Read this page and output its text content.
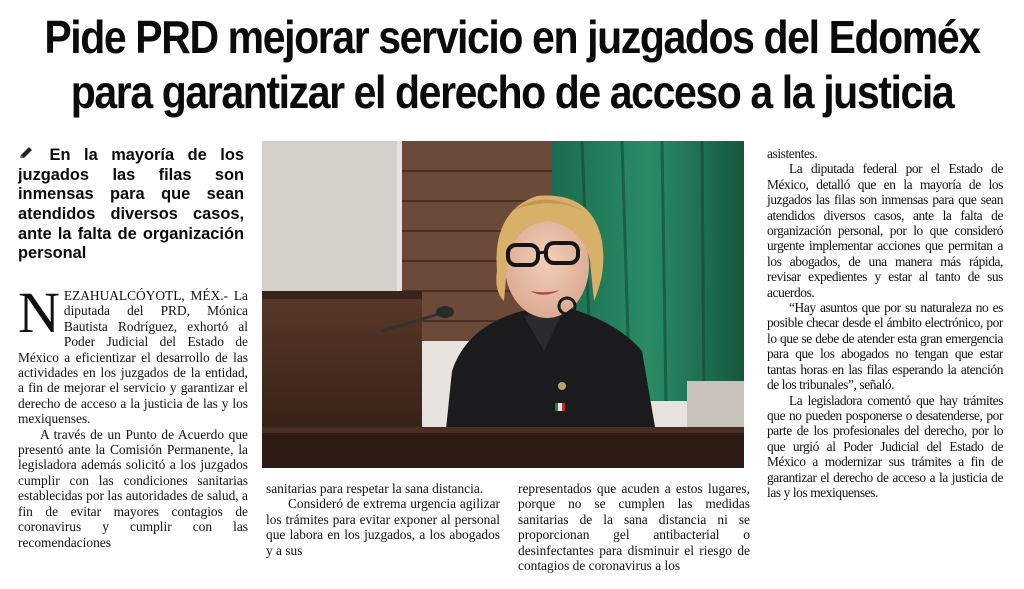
Pide PRD mejorar servicio en juzgados del Edoméx
para garantizar el derecho de acceso a la justicia
En la mayoría de los juzgados las filas son inmensas para que sean atendidos diversos casos, ante la falta de organización personal

NEZAHUALCÓYOTL, MÉX.- La diputada del PRD, Mónica Bautista Rodríguez, exhortó al Poder Judicial del Estado de México a eficientizar el desarrollo de las actividades en los juzgados de la entidad, a fin de mejorar el servicio y garantizar el derecho de acceso a la justicia de las y los mexiquenses.

A través de un Punto de Acuerdo que presentó ante la Comisión Permanente, la legisladora además solicitó a los juzgados cumplir con las condiciones sanitarias establecidas por las autoridades de salud, a fin de evitar mayores contagios de coronavirus y cumplir con las recomendaciones

sanitarias para respetar la sana distancia.

Consideró de extrema urgencia agilizar los trámites para evitar exponer al personal que labora en los juzgados, a los abogados y a sus

representados que acuden a estos lugares, porque no se cumplen las medidas sanitarias de la sana distancia ni se proporcionan gel antibacterial o desinfectantes para disminuir el riesgo de contagios de coronavirus a los

asistentes.

La diputada federal por el Estado de México, detalló que en la mayoría de los juzgados las filas son inmensas para que sean atendidos diversos casos, ante la falta de organización personal, por lo que consideró urgente implementar acciones que permitan a los abogados, de una manera más rápida, revisar expedientes y estar al tanto de sus acuerdos.

“Hay asuntos que por su naturaleza no es posible checar desde el ámbito electrónico, por lo que se debe de atender esta gran emergencia para que los abogados no tengan que estar tantas horas en las filas esperando la atención de los tribunales”, señaló.

La legisladora comentó que hay trámites que no pueden posponerse o desatenderse, por parte de los profesionales del derecho, por lo que urgió al Poder Judicial del Estado de México a modernizar sus trámites a fin de garantizar el derecho de acceso a la justicia de las y los mexiquenses.
